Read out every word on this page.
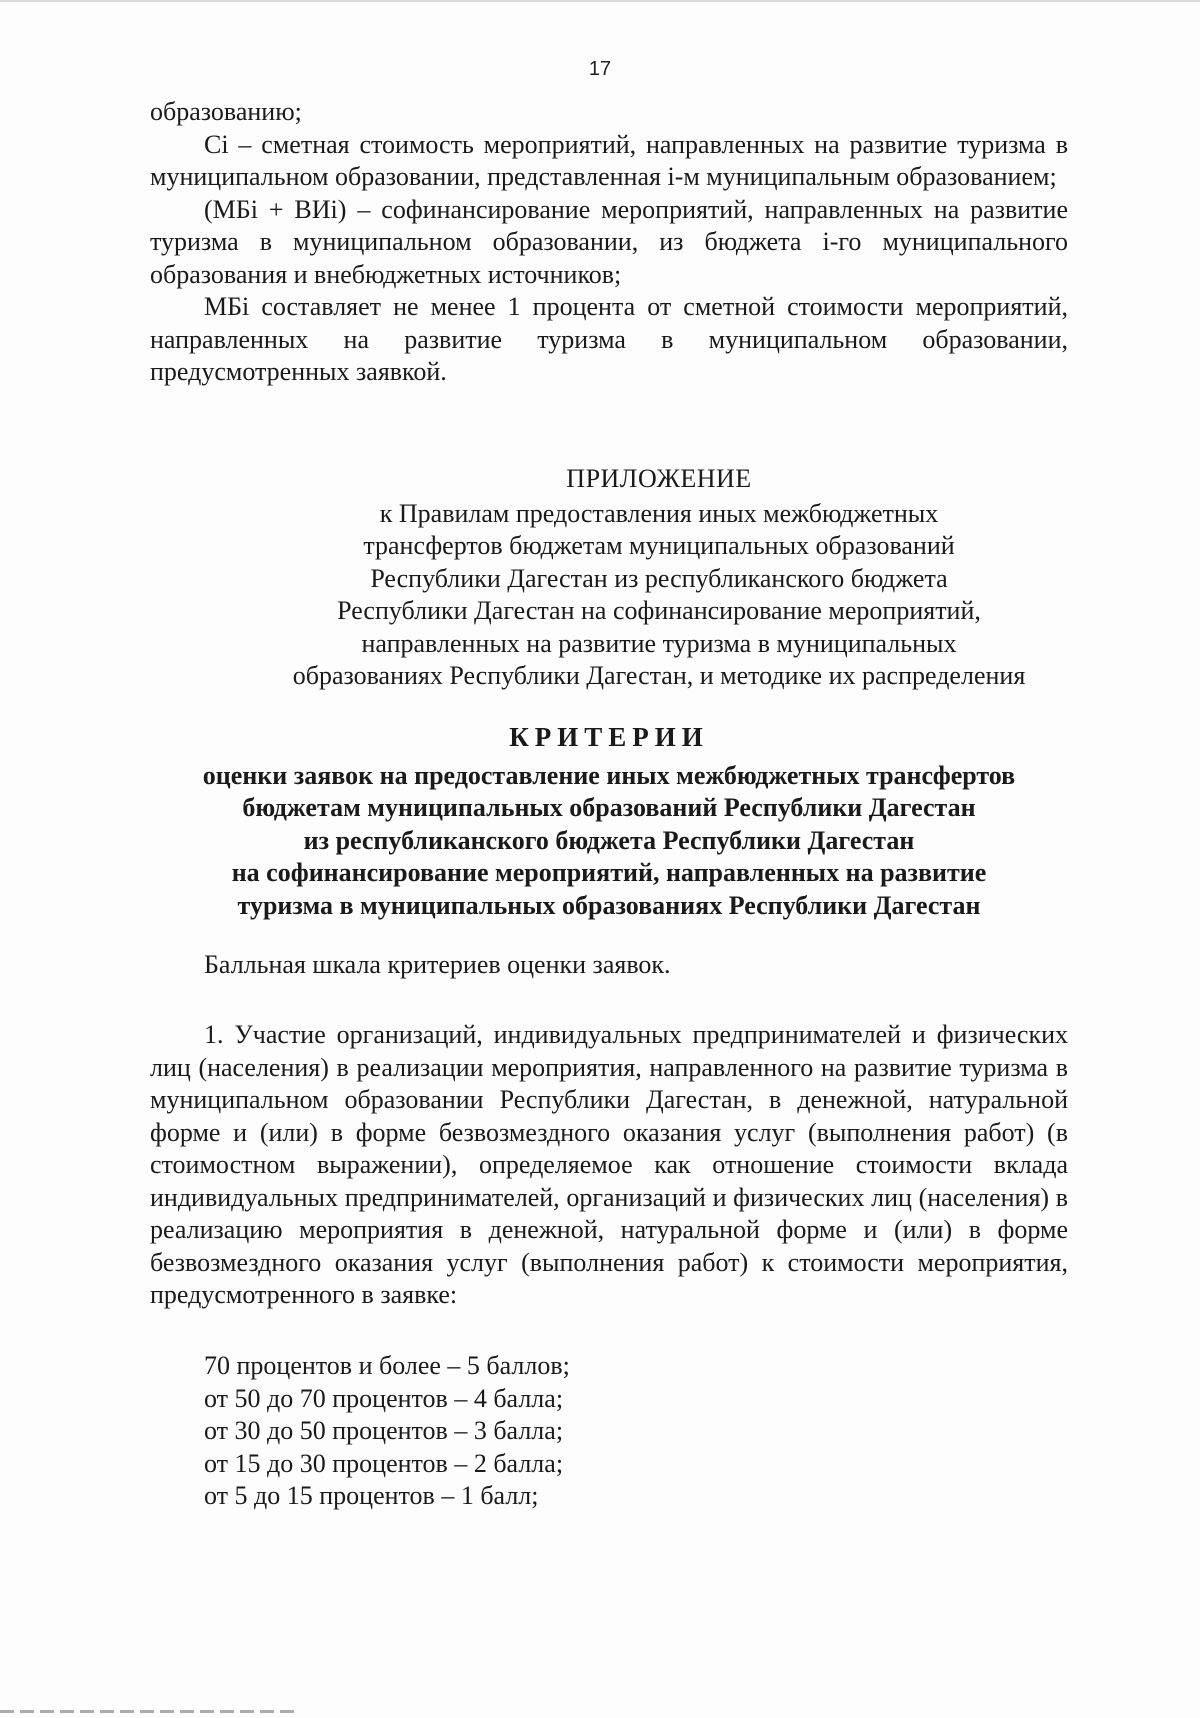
17

образованию;

Ci – сметная стоимость мероприятий, направленных на развитие туризма в муниципальном образовании, представленная i-м муниципальным образованием;

(МБi + ВИi) – софинансирование мероприятий, направленных на развитие туризма в муниципальном образовании, из бюджета i-го муниципального образования и внебюджетных источников;

МБi составляет не менее 1 процента от сметной стоимости мероприятий, направленных на развитие туризма в муниципальном образовании, предусмотренных заявкой.

ПРИЛОЖЕНИЕ

к Правилам предоставления иных межбюджетных

трансфертов бюджетам муниципальных образований

Республики Дагестан из республиканского бюджета

Республики Дагестан на софинансирование мероприятий,

направленных на развитие туризма в муниципальных

образованиях Республики Дагестан, и методике их распределения

КРИТЕРИИ

оценки заявок на предоставление иных межбюджетных трансфертов

бюджетам муниципальных образований Республики Дагестан

из республиканского бюджета Республики Дагестан

на софинансирование мероприятий, направленных на развитие

туризма в муниципальных образованиях Республики Дагестан

Балльная шкала критериев оценки заявок.

1. Участие организаций, индивидуальных предпринимателей и физических лиц (населения) в реализации мероприятия, направленного на развитие туризма в муниципальном образовании Республики Дагестан, в денежной, натуральной форме и (или) в форме безвозмездного оказания услуг (выполнения работ) (в стоимостном выражении), определяемое как отношение стоимости вклада индивидуальных предпринимателей, организаций и физических лиц (населения) в реализацию мероприятия в денежной, натуральной форме и (или) в форме безвозмездного оказания услуг (выполнения работ) к стоимости мероприятия, предусмотренного в заявке:

70 процентов и более – 5 баллов;
от 50 до 70 процентов – 4 балла;
от 30 до 50 процентов – 3 балла;
от 15 до 30 процентов – 2 балла;
от 5 до 15 процентов – 1 балл;
